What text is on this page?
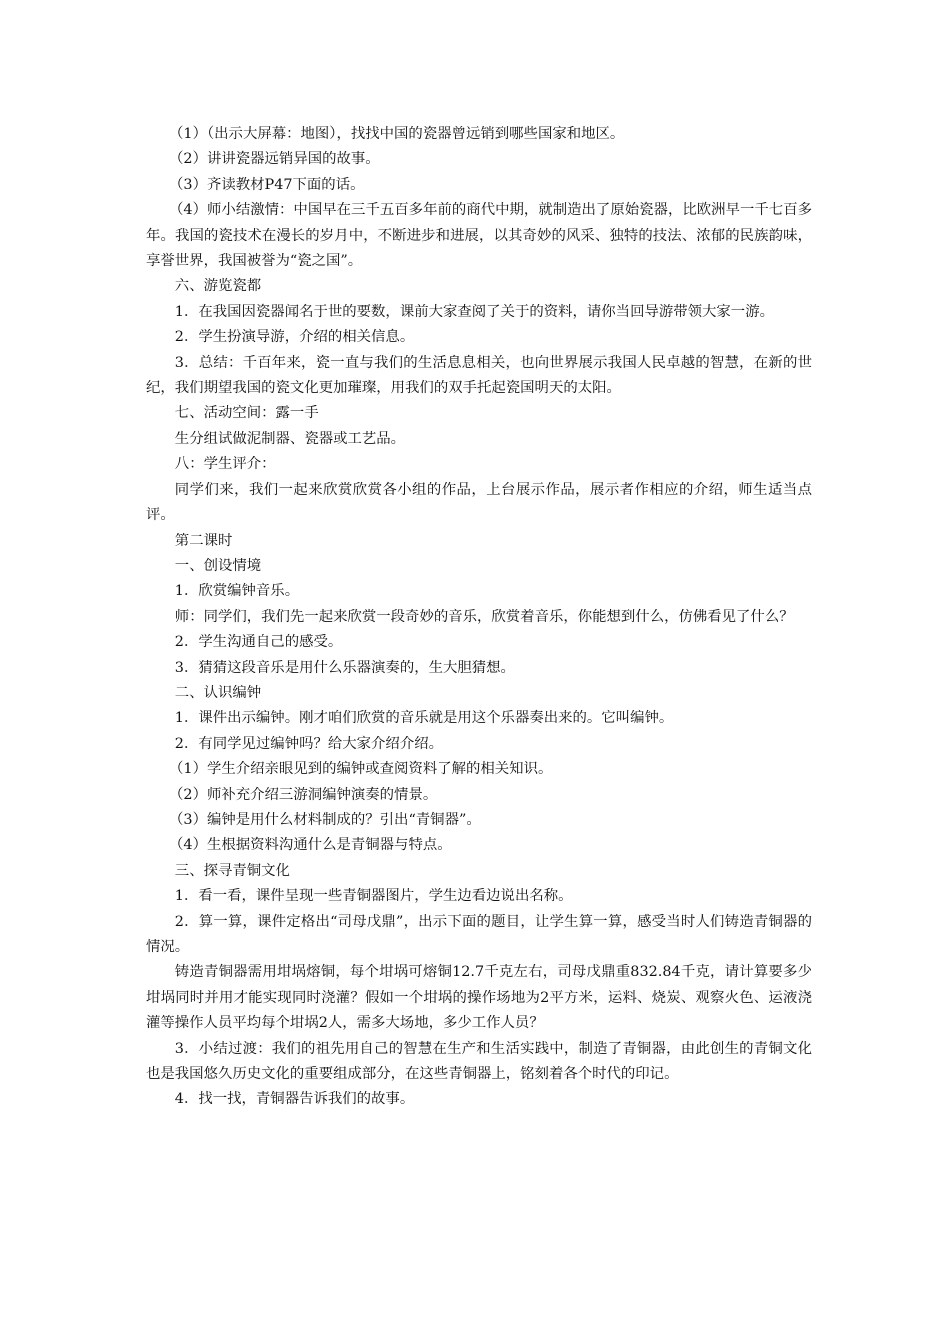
（1）（出示大屏幕：地图），找找中国的瓷器曾远销到哪些国家和地区。

（2）讲讲瓷器远销异国的故事。

（3）齐读教材P47下面的话。

（4）师小结激情：中国早在三千五百多年前的商代中期，就制造出了原始瓷器，比欧洲早一千七百多年。我国的瓷技术在漫长的岁月中，不断进步和进展，以其奇妙的风采、独特的技法、浓郁的民族韵味，享誉世界，我国被誉为“瓷之国”。

六、游览瓷都

1．在我国因瓷器闻名于世的要数，课前大家查阅了关于的资料，请你当回导游带领大家一游。

2．学生扮演导游，介绍的相关信息。

3．总结：千百年来，瓷一直与我们的生活息息相关，也向世界展示我国人民卓越的智慧，在新的世纪，我们期望我国的瓷文化更加璀璨，用我们的双手托起瓷国明天的太阳。

七、活动空间：露一手

生分组试做泥制器、瓷器或工艺品。

八：学生评介：

同学们来，我们一起来欣赏欣赏各小组的作品，上台展示作品，展示者作相应的介绍，师生适当点评。

第二课时

一、创设情境

1．欣赏编钟音乐。

师：同学们，我们先一起来欣赏一段奇妙的音乐，欣赏着音乐，你能想到什么，仿佛看见了什么？

2．学生沟通自己的感受。

3．猜猜这段音乐是用什么乐器演奏的，生大胆猜想。

二、认识编钟

1．课件出示编钟。刚才咱们欣赏的音乐就是用这个乐器奏出来的。它叫编钟。

2．有同学见过编钟吗？给大家介绍介绍。

（1）学生介绍亲眼见到的编钟或查阅资料了解的相关知识。

（2）师补充介绍三游洞编钟演奏的情景。

（3）编钟是用什么材料制成的？引出“青铜器”。

（4）生根据资料沟通什么是青铜器与特点。

三、探寻青铜文化

1．看一看，课件呈现一些青铜器图片，学生边看边说出名称。

2．算一算，课件定格出“司母戊鼎”，出示下面的题目，让学生算一算，感受当时人们铸造青铜器的情况。

铸造青铜器需用坩埚熔铜，每个坩埚可熔铜12.7千克左右，司母戊鼎重832.84千克，请计算要多少坩埚同时并用才能实现同时浇灌？假如一个坩埚的操作场地为2平方米，运料、烧炭、观察火色、运液浇灌等操作人员平均每个坩埚2人，需多大场地，多少工作人员？

3．小结过渡：我们的祖先用自己的智慧在生产和生活实践中，制造了青铜器，由此创生的青铜文化也是我国悠久历史文化的重要组成部分，在这些青铜器上，铭刻着各个时代的印记。

4．找一找，青铜器告诉我们的故事。
